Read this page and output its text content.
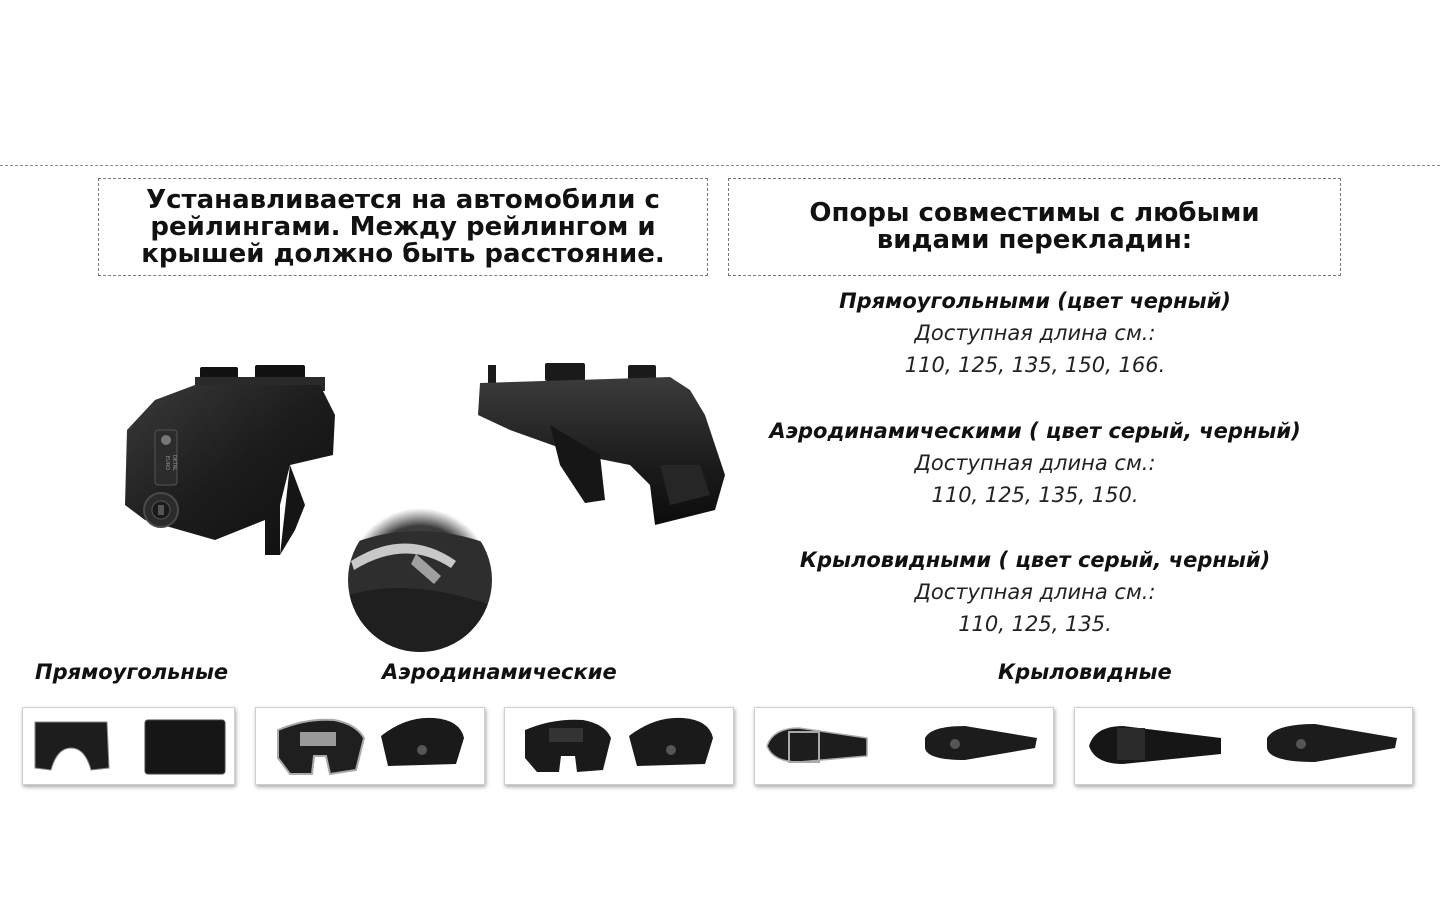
Устанавливается на автомобили с рейлингами. Между рейлингом и крышей должно быть расстояние.
Опоры совместимы с любыми видами перекладин:
EURO DETAL
Прямоугольными (цвет черный)
Доступная длина см.:
110, 125, 135, 150, 166.
Аэродинамическими ( цвет серый, черный)
Доступная длина см.:
110, 125, 135, 150.
Крыловидными ( цвет серый, черный)
Доступная длина см.:
110, 125, 135.
Прямоугольные	Аэродинамические	Крыловидные
